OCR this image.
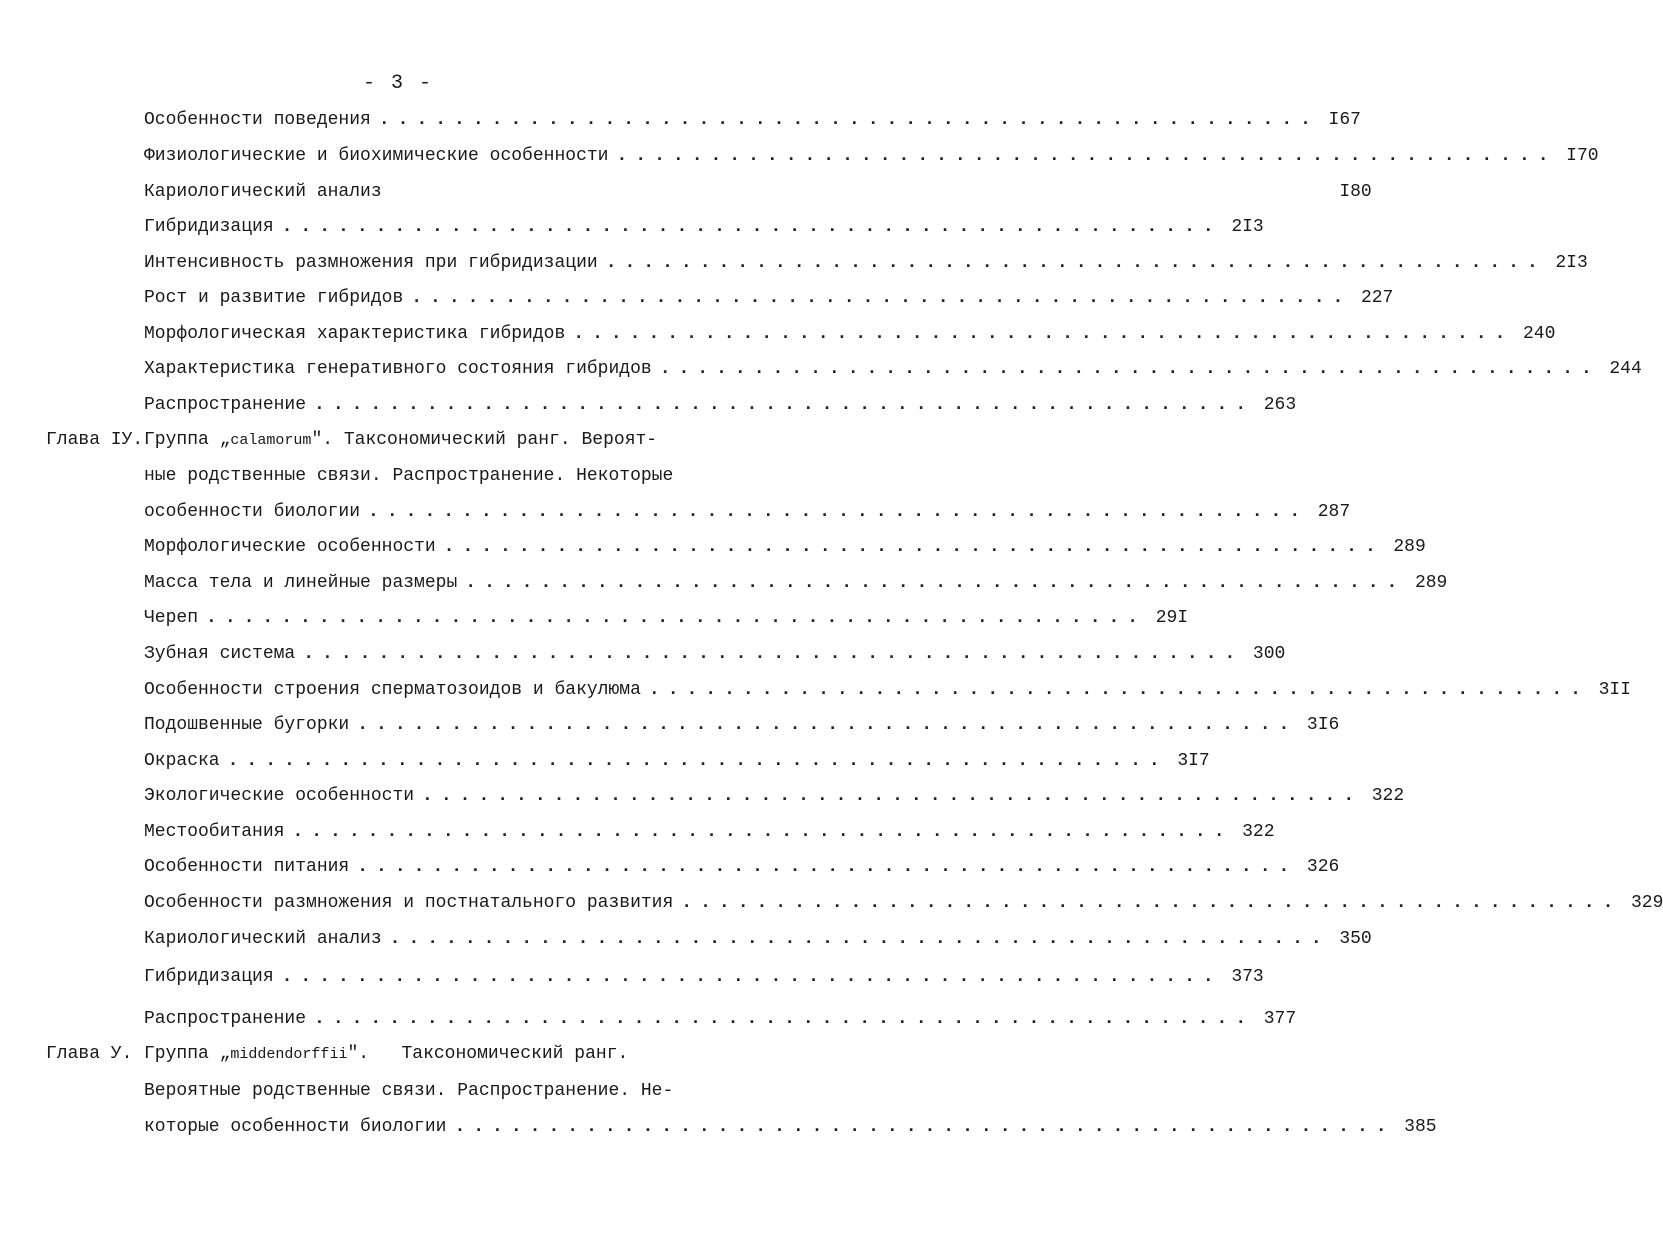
- 3 -
Особенности поведения .................................................. I67
Физиологические и биохимические особенности .................................................. I70
Кариологический анализ	I80
Гибридизация .................................................. 2I3
Интенсивность размножения при гибридизации .................................................. 2I3
Рост и развитие гибридов .................................................. 227
Морфологическая характеристика гибридов .................................................. 240
Характеристика генеративного состояния гибридов .................................................. 244
Распространение .................................................. 263
Глава IУ.Группа „calamorum". Таксономический ранг. Вероят-
ные родственные связи. Распространение. Некоторые
особенности биологии .................................................. 287
Морфологические особенности .................................................. 289
Масса тела и линейные размеры .................................................. 289
Череп .................................................. 29I
Зубная система .................................................. 300
Особенности строения сперматозоидов и бакулюма .................................................. 3II
Подошвенные бугорки .................................................. 3I6
Окраска .................................................. 3I7
Экологические особенности .................................................. 322
Местообитания .................................................. 322
Особенности питания .................................................. 326
Особенности размножения и постнатального развития .................................................. 329
Кариологический анализ .................................................. 350
Гибридизация .................................................. 373
Распространение .................................................. 377
Глава У. Группа „middendorffii".   Таксономический ранг.
Вероятные родственные связи. Распространение. Не-
которые особенности биологии .................................................. 385
